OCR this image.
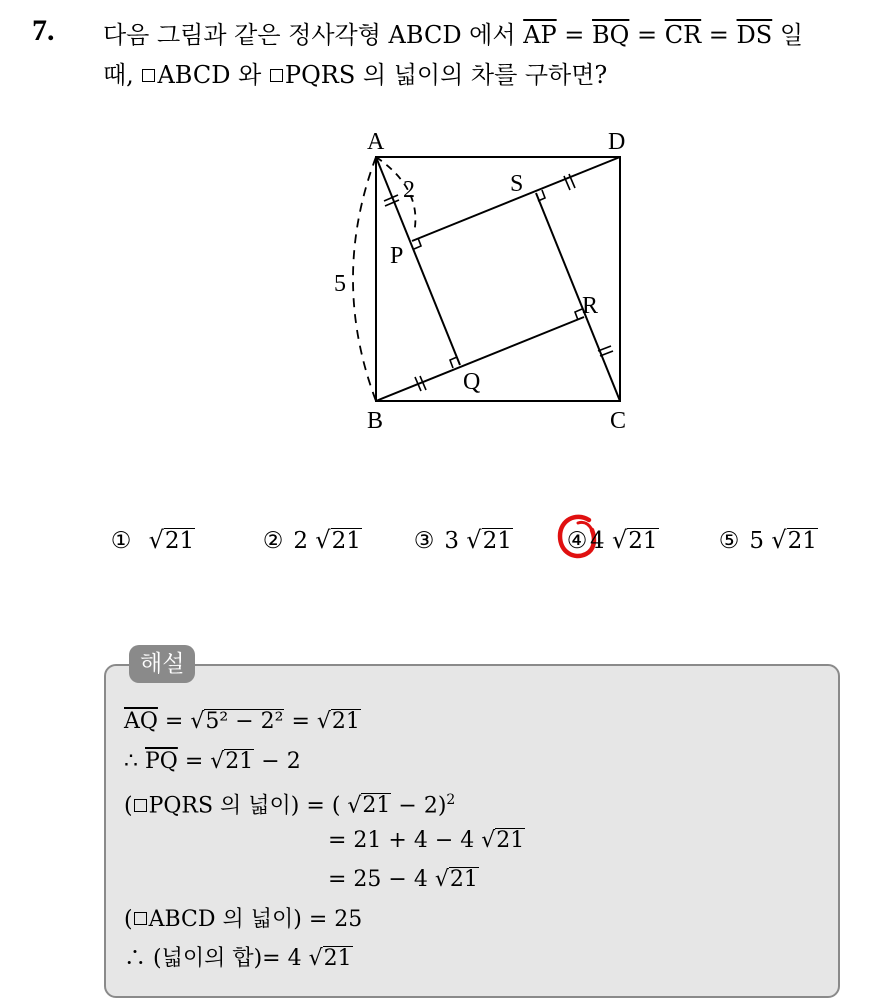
7. 다음 그림과 같은 정사각형 ABCD 에서 $\overline{AP} = \overline{BQ} = \overline{CR} = \overline{DS}$ 일
때, ABCD 와 PQRS 의 넓이의 차를 구하면?
A	D
B	C
S
P
R
Q
5
2
① √21	② 2 √21 ③ 3 √21 ④ 4 √21	⑤ 5 √21
해설
$\overline{AQ} = √5^2 - 2^2 = √21$
∴ $\overline{PQ} = √21 - 2$
( PQRS 의 넓이) = ( √21 − 2)$^2$
= 21 + 4 − 4 √21
= 25 − 4 √21
( ABCD 의 넓이) = 25
∴ (넓이의 합)= 4 √21
